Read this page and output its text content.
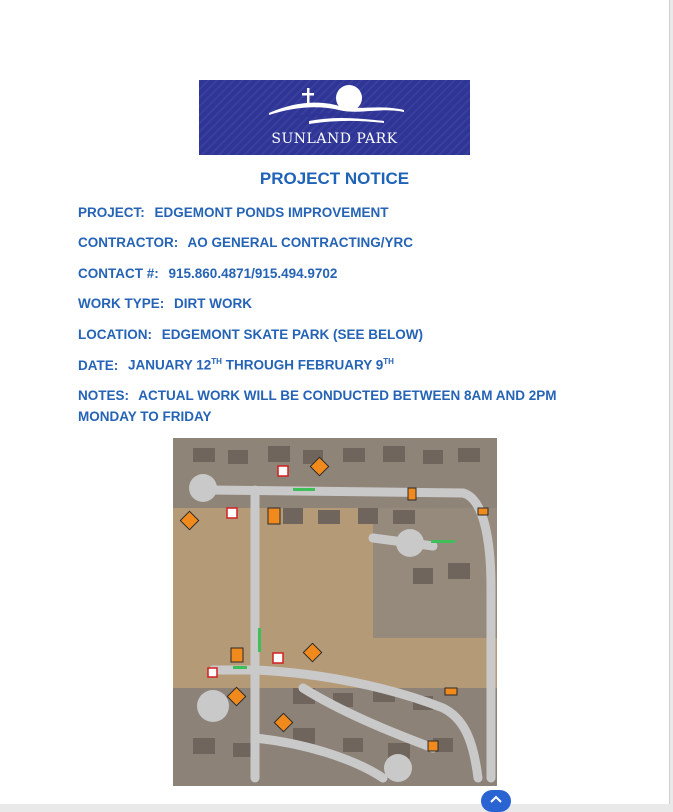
SUNLAND PARK
PROJECT NOTICE
PROJECT: EDGEMONT PONDS IMPROVEMENT
CONTRACTOR: AO GENERAL CONTRACTING/YRC
CONTACT #: 915.860.4871/915.494.9702
WORK TYPE: DIRT WORK
LOCATION: EDGEMONT SKATE PARK (SEE BELOW)
DATE: JANUARY 12TH THROUGH FEBRUARY 9TH
NOTES: ACTUAL WORK WILL BE CONDUCTED BETWEEN 8AM AND 2PM MONDAY TO FRIDAY
